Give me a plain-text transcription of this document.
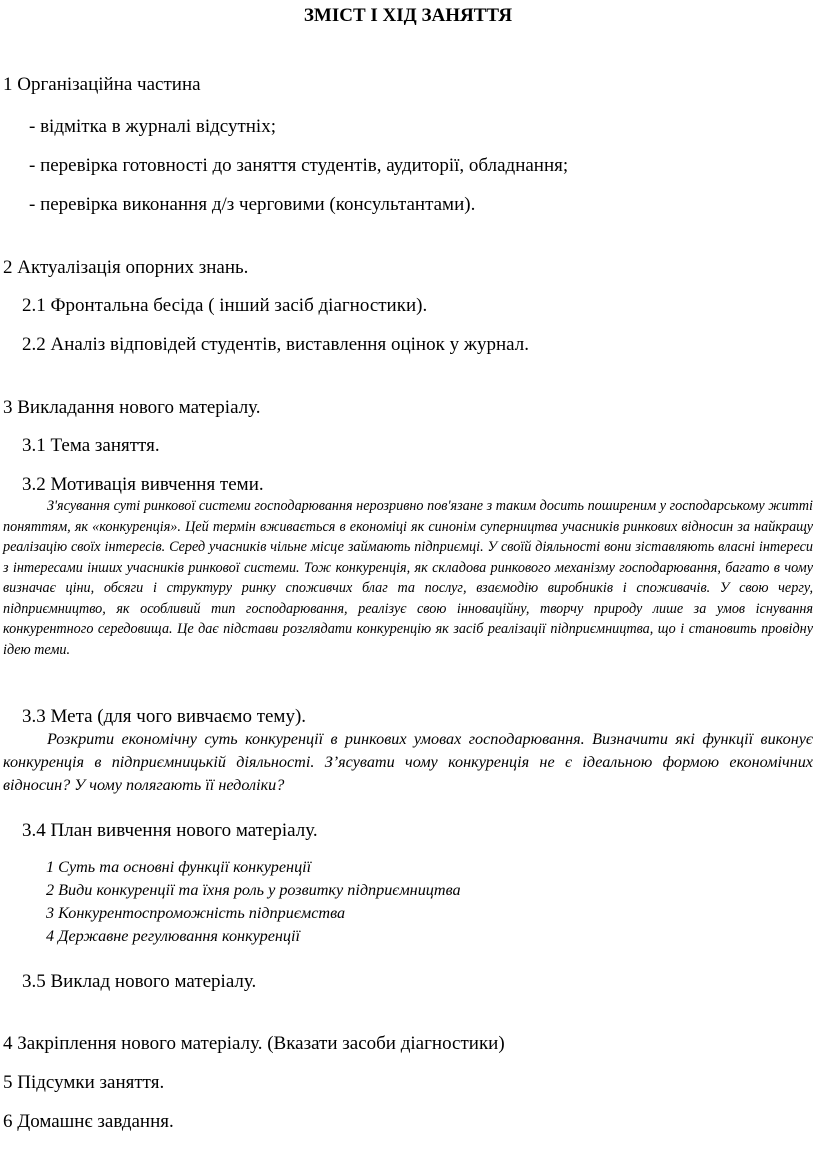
ЗМІСТ І ХІД ЗАНЯТТЯ
1 Організаційна частина
- відмітка в журналі відсутніх;
- перевірка готовності до заняття студентів, аудиторії, обладнання;
- перевірка виконання д/з черговими (консультантами).
2 Актуалізація опорних знань.
2.1 Фронтальна бесіда ( інший засіб діагностики).
2.2 Аналіз відповідей студентів, виставлення оцінок у журнал.
3 Викладання нового матеріалу.
3.1 Тема заняття.
3.2 Мотивація вивчення теми.

З'ясування суті ринкової системи господарювання нерозривно пов'язане з таким досить поширеним у господарському житті поняттям, як «конкуренція». Цей термін вживається в економіці як синонім суперництва учасників ринкових відносин за найкращу реалізацію своїх інтересів. Серед учасників чільне місце займають підприємці. У своїй діяльності вони зіставляють власні інтереси з інтересами інших учасників ринкової системи. Тож конкуренція, як складова ринкового механізму господарювання, багато в чому визначає ціни, обсяги і структуру ринку споживчих благ та послуг, взаємодію виробників і споживачів. У свою чергу, підприємництво, як особливий тип господарювання, реалізує свою інноваційну, творчу природу лише за умов існування конкурентного середовища. Це дає підстави розглядати конкуренцію як засіб реалізації підприємництва, що і становить провідну ідею теми.

3.3 Мета (для чого вивчаємо тему).

Розкрити економічну суть конкуренції в ринкових умовах господарювання. Визначити які функції виконує конкуренція в підприємницькій діяльності. З’ясувати чому конкуренція не є ідеальною формою економічних відносин? У чому полягають її недоліки?

3.4 План вивчення нового матеріалу.
1 Суть та основні функції конкуренції
2 Види конкуренції та їхня роль у розвитку підприємництва
3 Конкурентоспроможність підприємства
4 Державне регулювання конкуренції
3.5 Виклад нового матеріалу.
4 Закріплення нового матеріалу. (Вказати засоби діагностики)
5 Підсумки заняття.
6 Домашнє завдання.
